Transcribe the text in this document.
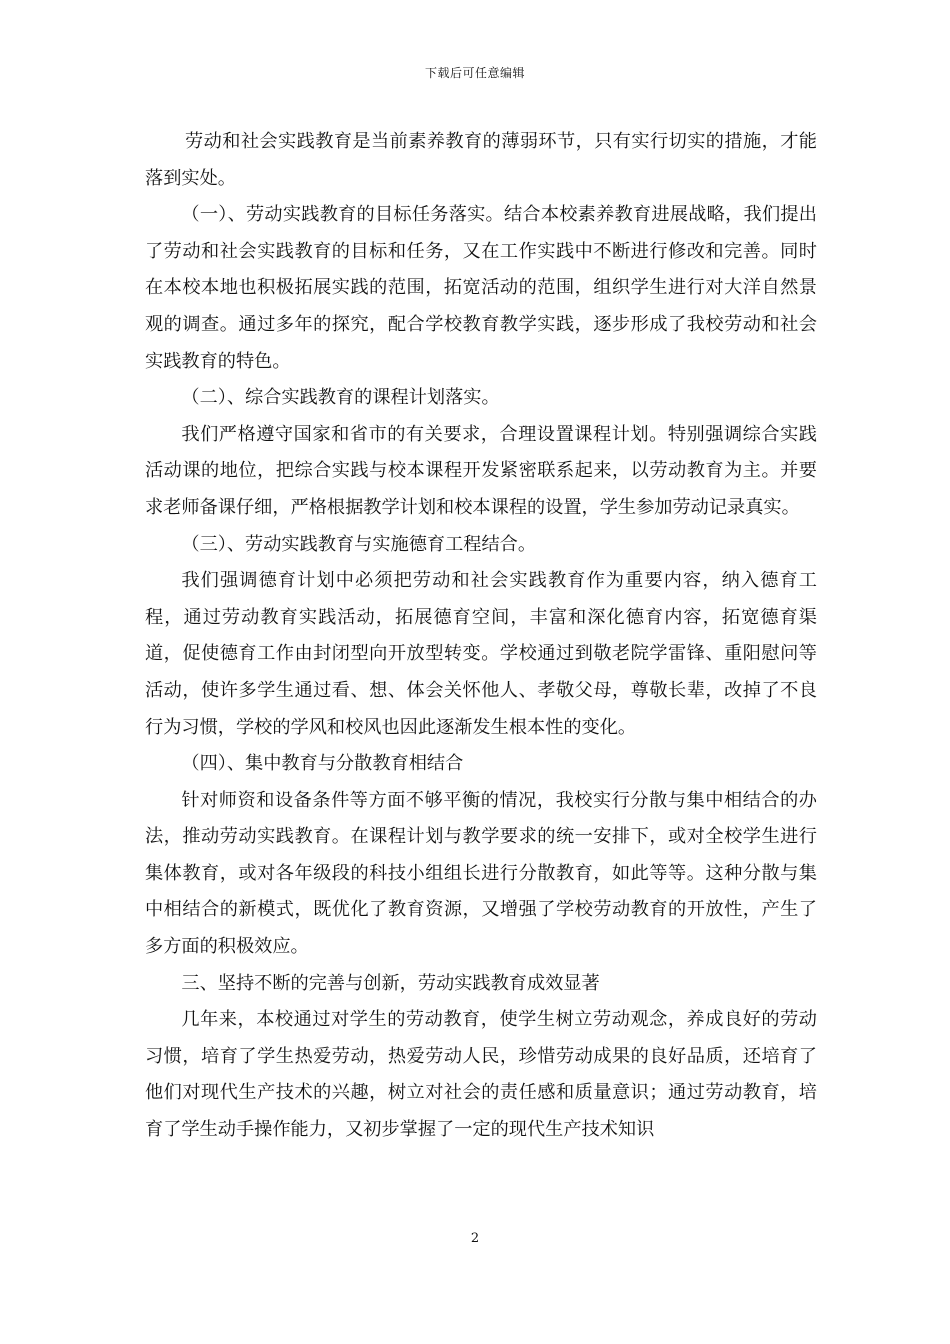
下载后可任意编辑

劳动和社会实践教育是当前素养教育的薄弱环节，只有实行切实的措施，才能落到实处。

（一）、劳动实践教育的目标任务落实。结合本校素养教育进展战略，我们提出了劳动和社会实践教育的目标和任务，又在工作实践中不断进行修改和完善。同时在本校本地也积极拓展实践的范围，拓宽活动的范围，组织学生进行对大洋自然景观的调查。通过多年的探究，配合学校教育教学实践，逐步形成了我校劳动和社会实践教育的特色。

（二）、综合实践教育的课程计划落实。

我们严格遵守国家和省市的有关要求，合理设置课程计划。特别强调综合实践活动课的地位，把综合实践与校本课程开发紧密联系起来，以劳动教育为主。并要求老师备课仔细，严格根据教学计划和校本课程的设置，学生参加劳动记录真实。

（三）、劳动实践教育与实施德育工程结合。

我们强调德育计划中必须把劳动和社会实践教育作为重要内容，纳入德育工程，通过劳动教育实践活动，拓展德育空间，丰富和深化德育内容，拓宽德育渠道，促使德育工作由封闭型向开放型转变。学校通过到敬老院学雷锋、重阳慰问等活动，使许多学生通过看、想、体会关怀他人、孝敬父母，尊敬长辈，改掉了不良行为习惯，学校的学风和校风也因此逐渐发生根本性的变化。

（四）、集中教育与分散教育相结合

针对师资和设备条件等方面不够平衡的情况，我校实行分散与集中相结合的办法，推动劳动实践教育。在课程计划与教学要求的统一安排下，或对全校学生进行集体教育，或对各年级段的科技小组组长进行分散教育，如此等等。这种分散与集中相结合的新模式，既优化了教育资源，又增强了学校劳动教育的开放性，产生了多方面的积极效应。

三、坚持不断的完善与创新，劳动实践教育成效显著

几年来，本校通过对学生的劳动教育，使学生树立劳动观念，养成良好的劳动习惯，培育了学生热爱劳动，热爱劳动人民，珍惜劳动成果的良好品质，还培育了他们对现代生产技术的兴趣，树立对社会的责任感和质量意识；通过劳动教育，培育了学生动手操作能力，又初步掌握了一定的现代生产技术知识

2
